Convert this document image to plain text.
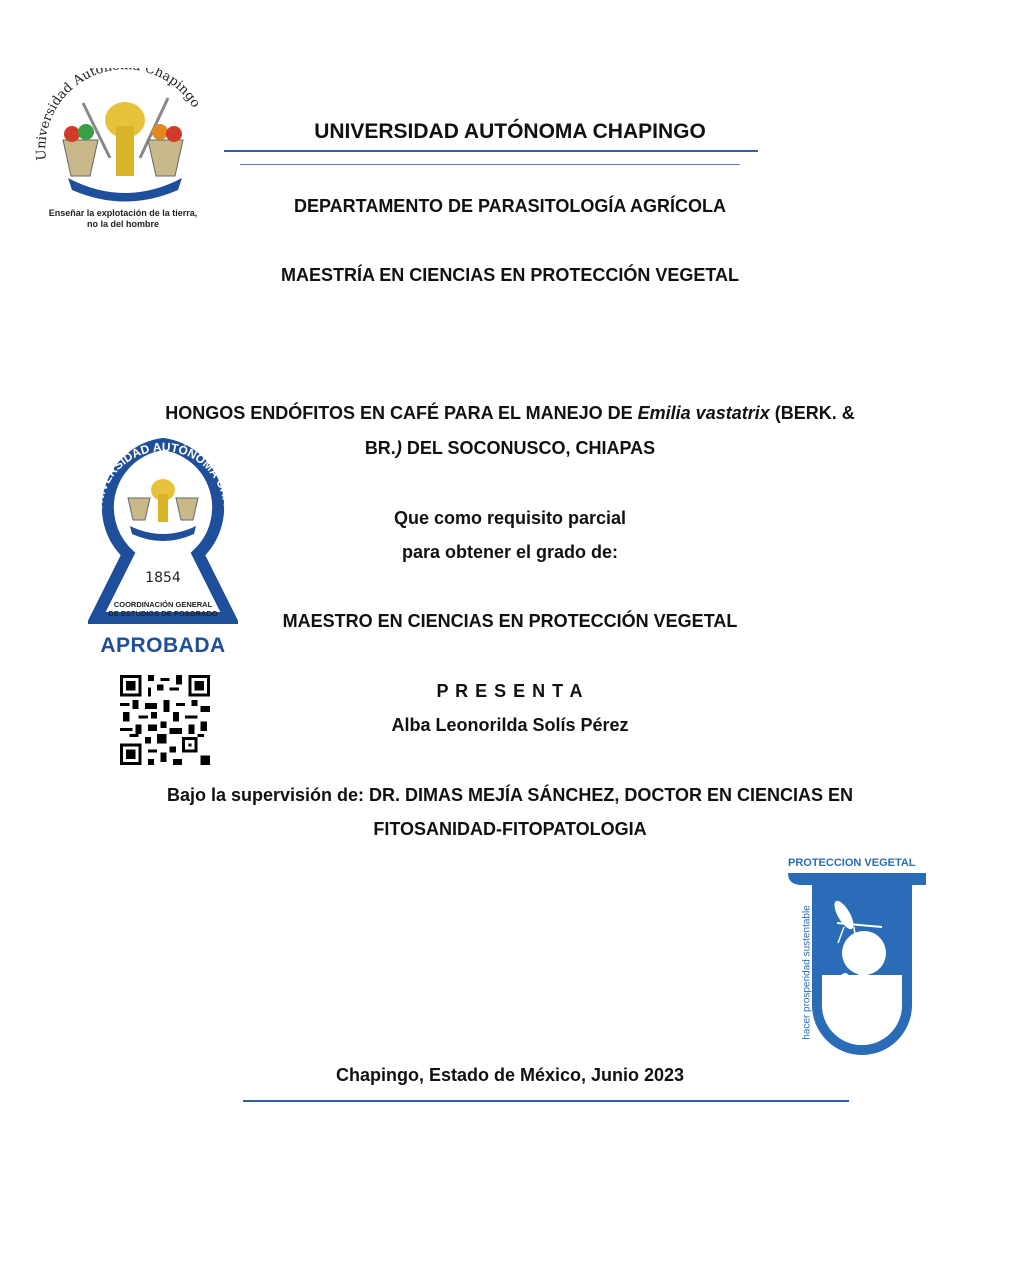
Universidad Autó Chapingo
Enseñar la explotación de la tierra,
no la del hombre
UNIVERSIDAD AUTÓNOMA CHAPINGO
DEPARTAMENTO DE PARASITOLOGÍA AGRÍCOLA
MAESTRÍA EN CIENCIAS EN PROTECCIÓN VEGETAL
HONGOS ENDÓFITOS EN CAFÉ PARA EL MANEJO DE Emilia vastatrix (BERK. &
BR.) DEL SOCONUSCO, CHIAPAS
UNIVERSIDAD AUTÓNOMA CHAP
1854
COORDINACIÓN GENERAL
DE ESTUDIOS DE POSGRADO
APROBADA
Que como requisito parcial
para obtener el grado de:
MAESTRO EN CIENCIAS EN PROTECCIÓN VEGETAL
P R E S E N T A
Alba Leonorilda Solís Pérez
Bajo la supervisión de: DR. DIMAS MEJÍA SÁNCHEZ, DOCTOR EN CIENCIAS EN
FITOSANIDAD-FITOPATOLOGIA
PROTECCION VEGETAL
hacer prosperidad sustentable
Chapingo, Estado de México, Junio 2023
